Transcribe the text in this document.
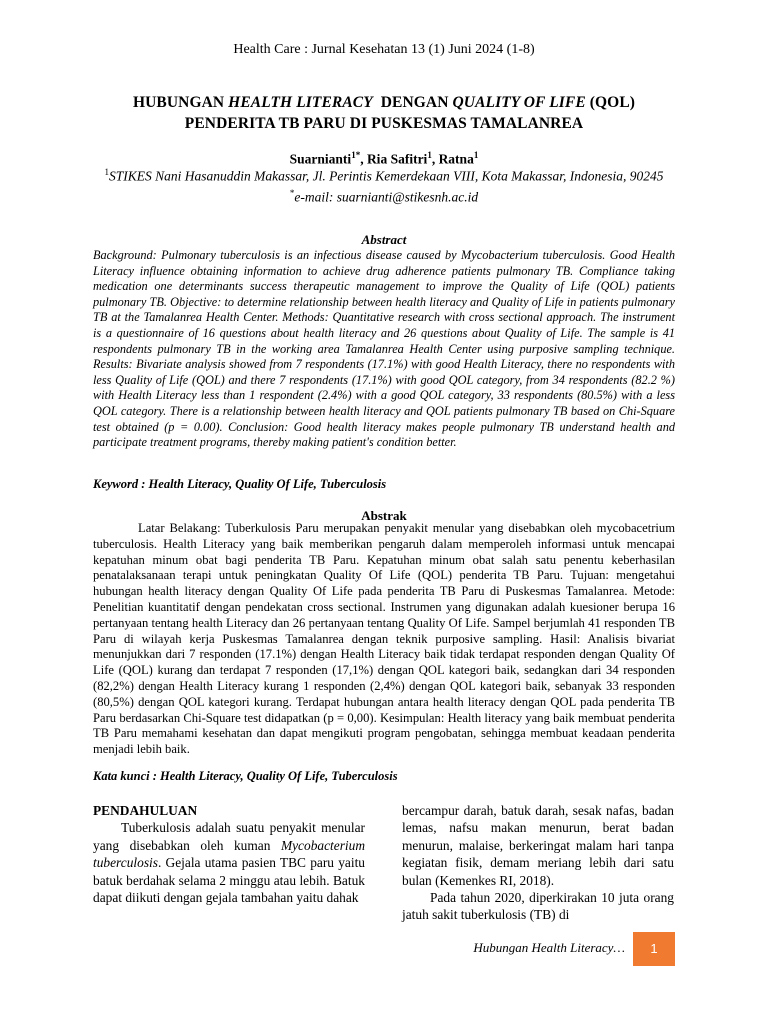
Health Care : Jurnal Kesehatan 13 (1) Juni 2024 (1-8)
HUBUNGAN HEALTH LITERACY  DENGAN QUALITY OF LIFE (QOL)
PENDERITA TB PARU DI PUSKESMAS TAMALANREA
Suarnianti$^{1*}$, Ria Safitri$^1$, Ratna$^1$
$^1$STIKES Nani Hasanuddin Makassar, Jl. Perintis Kemerdekaan VIII, Kota Makassar, Indonesia, 90245
*e-mail: suarnianti@stikesnh.ac.id
Abstract

Background: Pulmonary tuberculosis is an infectious disease caused by Mycobacterium tuberculosis. Good Health Literacy influence obtaining information to achieve drug adherence patients pulmonary TB. Compliance taking medication one determinants success therapeutic management to improve the Quality of Life (QOL) patients pulmonary TB. Objective: to determine relationship between health literacy and Quality of Life in patients pulmonary TB at the Tamalanrea Health Center. Methods: Quantitative research with cross sectional approach. The instrument is a questionnaire of 16 questions about health literacy and 26 questions about Quality of Life. The sample is 41 respondents pulmonary TB in the working area Tamalanrea Health Center using purposive sampling technique. Results: Bivariate analysis showed from 7 respondents (17.1%) with good Health Literacy, there no respondents with less Quality of Life (QOL) and there 7 respondents (17.1%) with good QOL category, from 34 respondents (82.2 %) with Health Literacy less than 1 respondent (2.4%) with a good QOL category, 33 respondents (80.5%) with a less QOL category. There is a relationship between health literacy and QOL patients pulmonary TB based on Chi-Square test obtained (p = 0.00). Conclusion: Good health literacy makes people pulmonary TB understand health and participate treatment programs, thereby making patient's condition better.

Keyword : Health Literacy, Quality Of Life, Tuberculosis
Abstrak

Latar Belakang: Tuberkulosis Paru merupakan penyakit menular yang disebabkan oleh mycobacetrium tuberculosis. Health Literacy yang baik memberikan pengaruh dalam memperoleh informasi untuk mencapai kepatuhan minum obat bagi penderita TB Paru. Kepatuhan minum obat salah satu penentu keberhasilan penatalaksanaan terapi untuk peningkatan Quality Of Life (QOL) penderita TB Paru. Tujuan: mengetahui hubungan health literacy dengan Quality Of Life pada penderita TB Paru di Puskesmas Tamalanrea. Metode: Penelitian kuantitatif dengan pendekatan cross sectional. Instrumen yang digunakan adalah kuesioner berupa 16 pertanyaan tentang health Literacy dan 26 pertanyaan tentang Quality Of Life. Sampel berjumlah 41 responden TB Paru di wilayah kerja Puskesmas Tamalanrea dengan teknik purposive sampling. Hasil: Analisis bivariat menunjukkan dari 7 responden (17.1%) dengan Health Literacy baik tidak terdapat responden dengan Quality Of Life (QOL) kurang dan terdapat 7 responden (17,1%) dengan QOL kategori baik, sedangkan dari 34 responden (82,2%) dengan Health Literacy kurang 1 responden (2,4%) dengan QOL kategori baik, sebanyak 33 responden (80,5%) dengan QOL kategori kurang. Terdapat hubungan antara health literacy dengan QOL pada penderita TB Paru berdasarkan Chi-Square test didapatkan (p = 0,00). Kesimpulan: Health literacy yang baik membuat penderita TB Paru memahami kesehatan dan dapat mengikuti program pengobatan, sehingga membuat keadaan penderita menjadi lebih baik.

Kata kunci : Health Literacy, Quality Of Life, Tuberculosis

PENDAHULUAN

Tuberkulosis adalah suatu penyakit menular yang disebabkan oleh kuman Mycobacterium tuberculosis. Gejala utama pasien TBC paru yaitu batuk berdahak selama 2 minggu atau lebih. Batuk dapat diikuti dengan gejala tambahan yaitu dahak

bercampur darah, batuk darah, sesak nafas, badan lemas, nafsu makan menurun, berat badan menurun, malaise, berkeringat malam hari tanpa kegiatan fisik, demam meriang lebih dari satu bulan (Kemenkes RI, 2018).

Pada tahun 2020, diperkirakan 10 juta orang jatuh sakit tuberkulosis (TB) di

Hubungan Health Literacy…	1
